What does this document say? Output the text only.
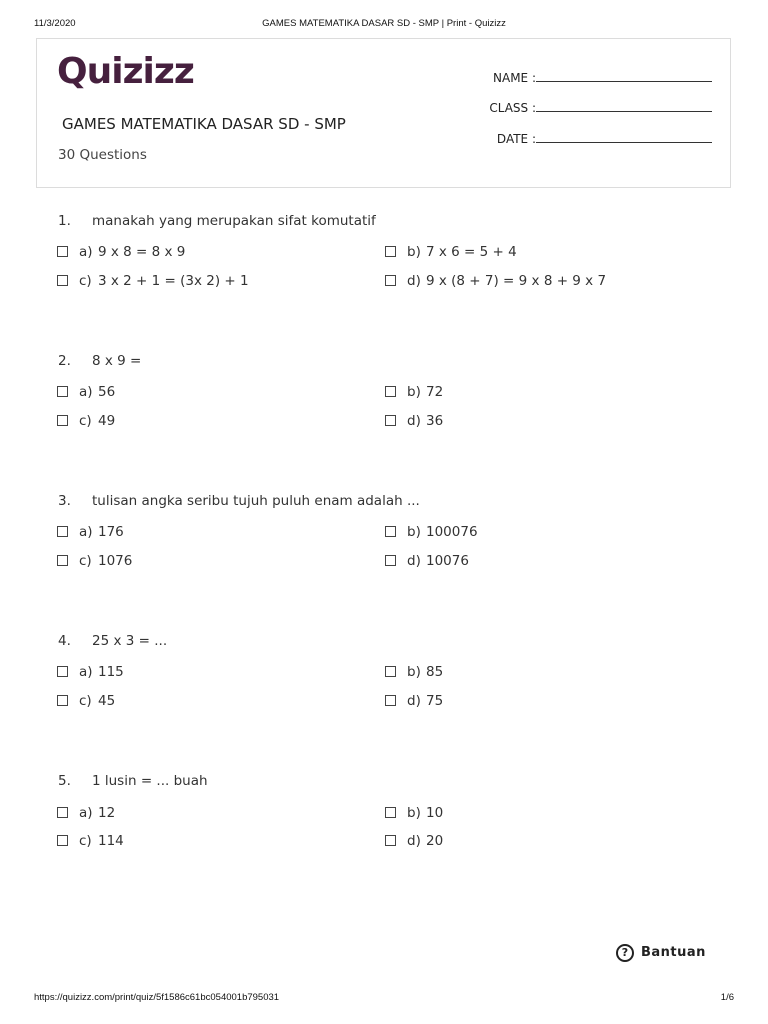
11/3/2020	GAMES MATEMATIKA DASAR SD - SMP | Print - Quizizz
Quizizz
GAMES MATEMATIKA DASAR SD - SMP
30 Questions
NAME :
CLASS :
DATE :
1. manakah yang merupakan sifat komutatif
a) 9 x 8 = 8 x 9	b) 7 x 6 = 5 + 4
c) 3 x 2 + 1 = (3x 2) + 1	d) 9 x (8 + 7) = 9 x 8 + 9 x 7
2. 8 x 9 =
a) 56	b) 72
c) 49	d) 36
3. tulisan angka seribu tujuh puluh enam adalah ...
a) 176	b) 100076
c) 1076	d) 10076
4. 25 x 3 = ...
a) 115	b) 85
c) 45	d) 75
5. 1 lusin = ... buah
a) 12	b) 10
c) 114	d) 20
? Bantuan
https://quizizz.com/print/quiz/5f1586c61bc054001b795031	1/6
